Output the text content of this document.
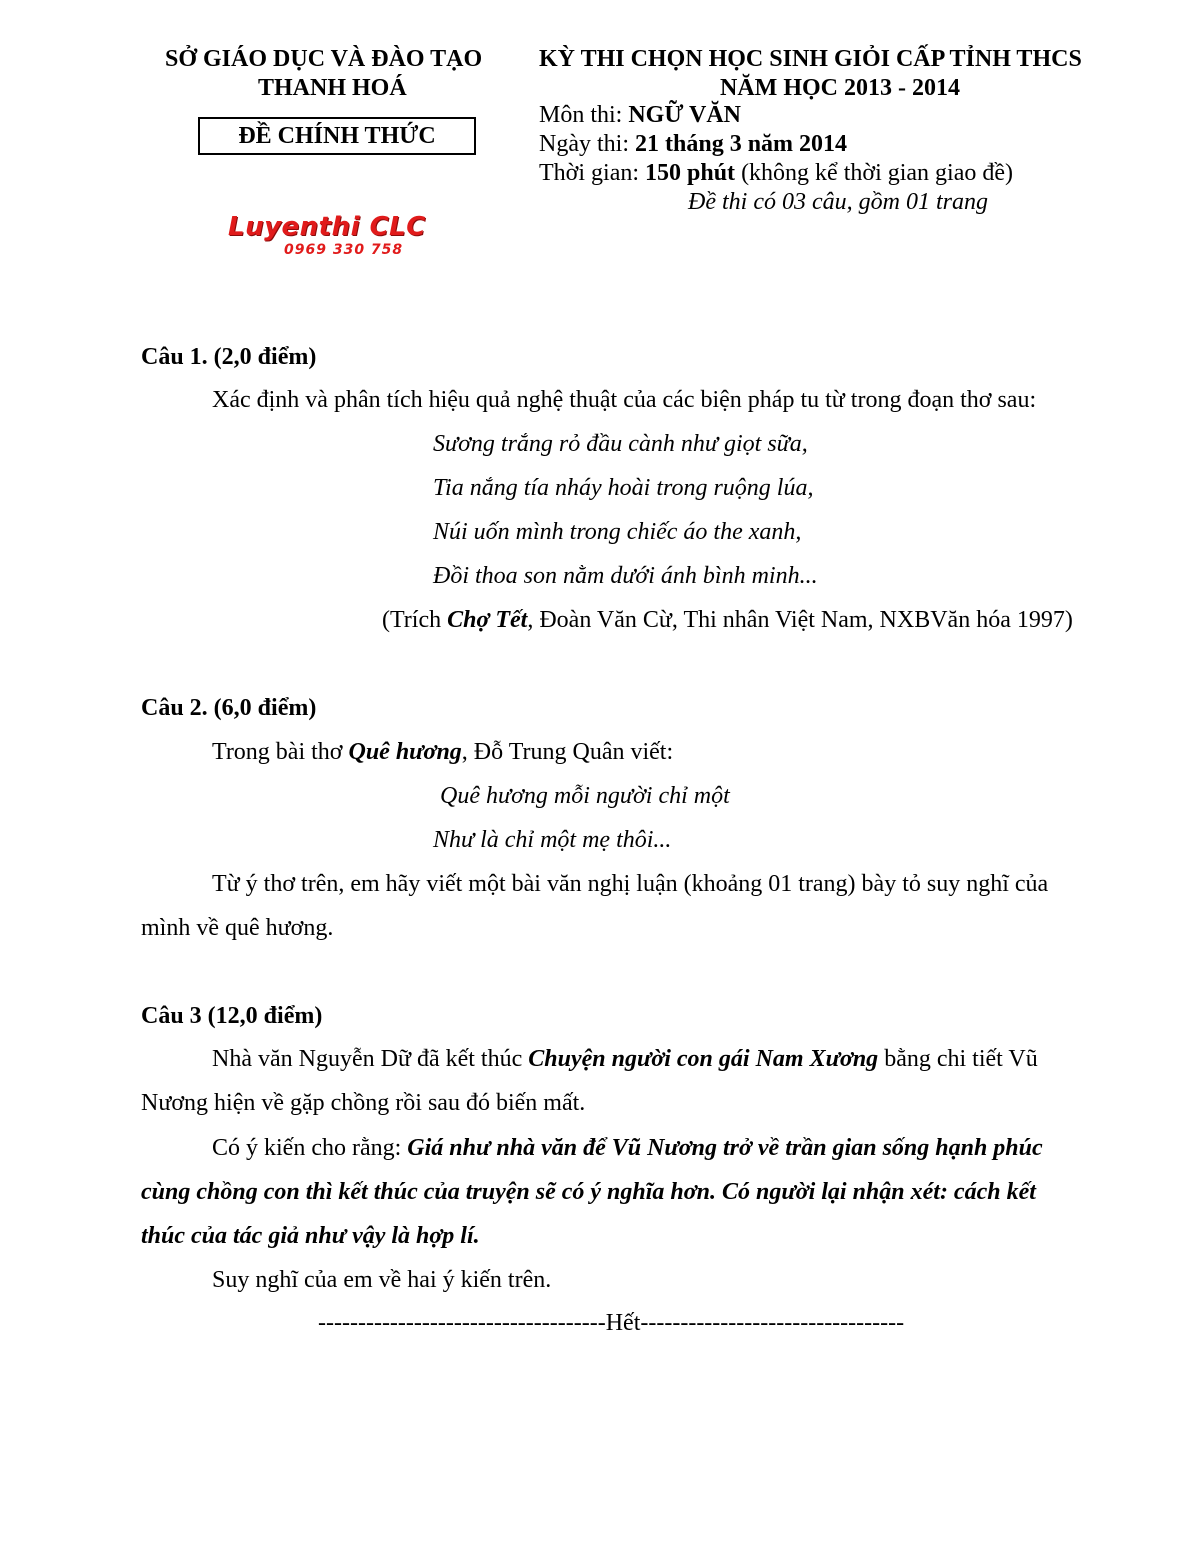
SỞ GIÁO DỤC VÀ ĐÀO TẠO
THANH HOÁ
ĐỀ CHÍNH THỨC
Luyenthi CLC
0969 330 758
KỲ THI CHỌN HỌC SINH GIỎI CẤP TỈNH THCS
NĂM HỌC 2013 - 2014
Môn thi: NGỮ VĂN
Ngày thi: 21 tháng 3 năm 2014
Thời gian: 150 phút (không kể thời gian giao đề)
Đề thi có 03 câu, gồm 01 trang
Câu 1. (2,0 điểm)
Xác định và phân tích hiệu quả nghệ thuật của các biện pháp tu từ trong đoạn thơ sau:
Sương trắng rỏ đầu cành như giọt sữa,
Tia nắng tía nháy hoài trong ruộng lúa,
Núi uốn mình trong chiếc áo the xanh,
Đồi thoa son nằm dưới ánh bình minh...
(Trích Chợ Tết, Đoàn Văn Cừ, Thi nhân Việt Nam, NXBVăn hóa 1997)
Câu 2. (6,0 điểm)
Trong bài thơ Quê hương, Đỗ Trung Quân viết:
Quê hương mỗi người chỉ một
Như là chỉ một mẹ thôi...
Từ ý thơ trên, em hãy viết một bài văn nghị luận (khoảng 01 trang) bày tỏ suy nghĩ của
mình về quê hương.
Câu 3 (12,0 điểm)
Nhà văn Nguyễn Dữ đã kết thúc Chuyện người con gái Nam Xương bằng chi tiết Vũ
Nương hiện về gặp chồng rồi sau đó biến mất.
Có ý kiến cho rằng: Giá như nhà văn để Vũ Nương trở về trần gian sống hạnh phúc
cùng chồng con thì kết thúc của truyện sẽ có ý nghĩa hơn. Có người lại nhận xét: cách kết
thúc của tác giả như vậy là hợp lí.
Suy nghĩ của em về hai ý kiến trên.
------------------------------------Hết---------------------------------
